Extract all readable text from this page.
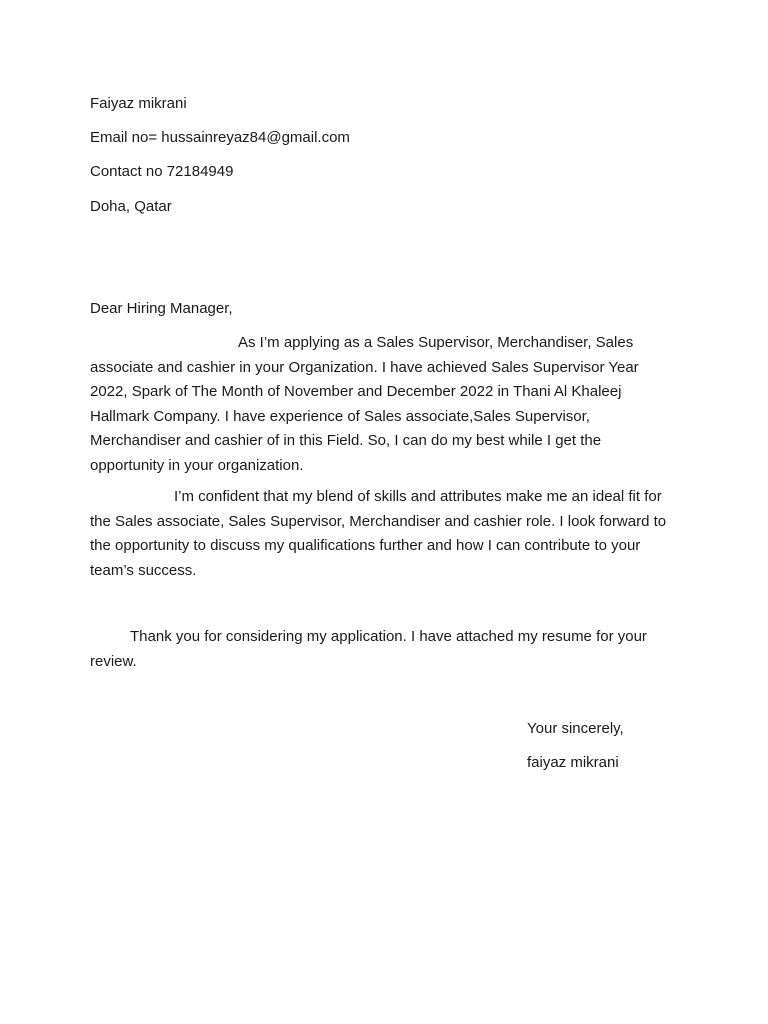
Faiyaz mikrani
Email no= hussainreyaz84@gmail.com
Contact no 72184949
Doha, Qatar
Dear Hiring Manager,
As I’m applying as a Sales Supervisor, Merchandiser, Sales associate and cashier in your Organization. I have achieved Sales Supervisor Year 2022, Spark of The Month of November and December 2022 in Thani Al Khaleej Hallmark Company. I have experience of Sales associate,Sales Supervisor, Merchandiser and cashier of in this Field. So, I can do my best while I get the opportunity in your organization.
I’m confident that my blend of skills and attributes make me an ideal fit for the Sales associate, Sales Supervisor, Merchandiser and cashier role. I look forward to the opportunity to discuss my qualifications further and how I can contribute to your team’s success.
Thank you for considering my application. I have attached my resume for your review.
Your sincerely,
faiyaz mikrani
